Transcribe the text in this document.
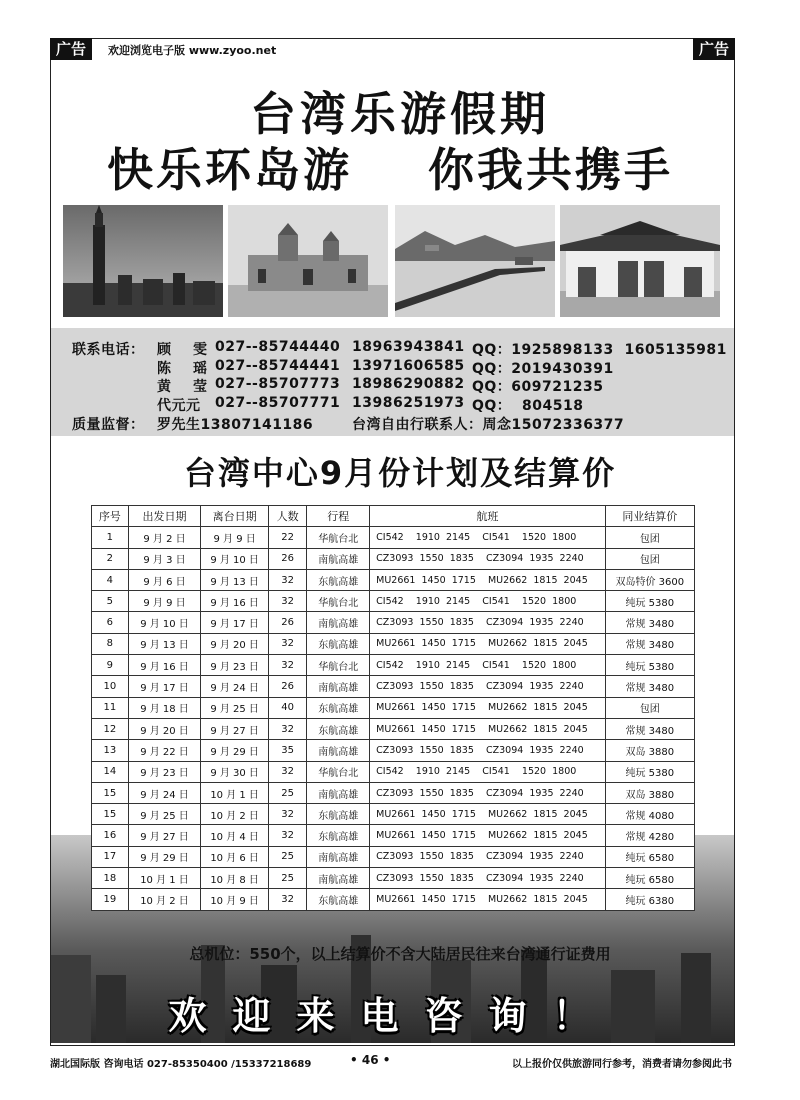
广告	欢迎浏览电子版 www.zyoo.net	广告
台湾乐游假期
快乐环岛游    你我共携手
联系电话： 顾    雯 027--85744440 18963943841 QQ：1925898133  1605135981
陈    瑶 027--85744441 13971606585 QQ：2019430391
黄    莹 027--85707773 18986290882 QQ：609721235
代元元 027--85707771 13986251973 QQ：  804518
质量监督： 罗先生13807141186	台湾自由行联系人：周念15072336377
台湾中心9月份计划及结算价
序号	出发日期	离台日期	人数	行程	航班	同业结算价
1	9 月 2 日	9 月 9 日	22	华航台北	CI542    1910  2145    CI541    1520  1800	包团
2	9 月 3 日	9 月 10 日	26	南航高雄	CZ3093  1550  1835    CZ3094  1935  2240	包团
4	9 月 6 日	9 月 13 日	32	东航高雄	MU2661  1450  1715    MU2662  1815  2045	双岛特价 3600
5	9 月 9 日	9 月 16 日	32	华航台北	CI542    1910  2145    CI541    1520  1800	纯玩 5380
6	9 月 10 日	9 月 17 日	26	南航高雄	CZ3093  1550  1835    CZ3094  1935  2240	常规 3480
8	9 月 13 日	9 月 20 日	32	东航高雄	MU2661  1450  1715    MU2662  1815  2045	常规 3480
9	9 月 16 日	9 月 23 日	32	华航台北	CI542    1910  2145    CI541    1520  1800	纯玩 5380
10	9 月 17 日	9 月 24 日	26	南航高雄	CZ3093  1550  1835    CZ3094  1935  2240	常规 3480
11	9 月 18 日	9 月 25 日	40	东航高雄	MU2661  1450  1715    MU2662  1815  2045	包团
12	9 月 20 日	9 月 27 日	32	东航高雄	MU2661  1450  1715    MU2662  1815  2045	常规 3480
13	9 月 22 日	9 月 29 日	35	南航高雄	CZ3093  1550  1835    CZ3094  1935  2240	双岛 3880
14	9 月 23 日	9 月 30 日	32	华航台北	CI542    1910  2145    CI541    1520  1800	纯玩 5380
15	9 月 24 日	10 月 1 日	25	南航高雄	CZ3093  1550  1835    CZ3094  1935  2240	双岛 3880
15	9 月 25 日	10 月 2 日	32	东航高雄	MU2661  1450  1715    MU2662  1815  2045	常规 4080
16	9 月 27 日	10 月 4 日	32	东航高雄	MU2661  1450  1715    MU2662  1815  2045	常规 4280
17	9 月 29 日	10 月 6 日	25	南航高雄	CZ3093  1550  1835    CZ3094  1935  2240	纯玩 6580
18	10 月 1 日	10 月 8 日	25	南航高雄	CZ3093  1550  1835    CZ3094  1935  2240	纯玩 6580
19	10 月 2 日	10 月 9 日	32	东航高雄	MU2661  1450  1715    MU2662  1815  2045	纯玩 6380
总机位：550个，以上结算价不含大陆居民往来台湾通行证费用
欢迎来电咨询！
湖北国际版 咨询电话 027-85350400 /15337218689	• 46 •	以上报价仅供旅游同行参考，消费者请勿参阅此书
